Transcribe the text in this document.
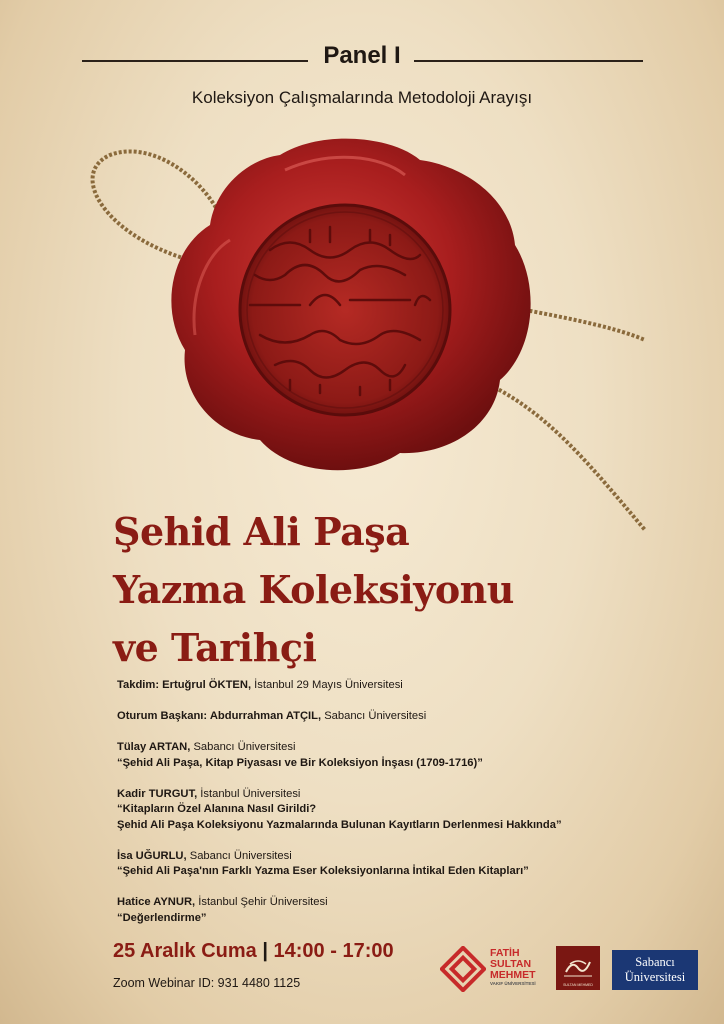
Panel I
Koleksiyon Çalışmalarında Metodoloji Arayışı
Şehid Ali Paşa
Yazma Koleksiyonu
ve Tarihçi
Takdim: Ertuğrul ÖKTEN, İstanbul 29 Mayıs Üniversitesi
Oturum Başkanı: Abdurrahman ATÇIL, Sabancı Üniversitesi
Tülay ARTAN, Sabancı Üniversitesi
“Şehid Ali Paşa, Kitap Piyasası ve Bir Koleksiyon İnşası (1709-1716)”
Kadir TURGUT, İstanbul Üniversitesi
“Kitapların Özel Alanına Nasıl Girildi?
Şehid Ali Paşa Koleksiyonu Yazmalarında Bulunan Kayıtların Derlenmesi Hakkında”
İsa UĞURLU, Sabancı Üniversitesi
“Şehid Ali Paşa'nın Farklı Yazma Eser Koleksiyonlarına İntikal Eden Kitapları”
Hatice AYNUR, İstanbul Şehir Üniversitesi
“Değerlendirme”
25 Aralık Cuma | 14:00 - 17:00
Zoom Webinar ID: 931 4480 1125
FATİH
SULTAN
MEHMET
VAKIF ÜNİVERSİTESİ	SULTAN MEHMED
Sabancı
Üniversitesi
